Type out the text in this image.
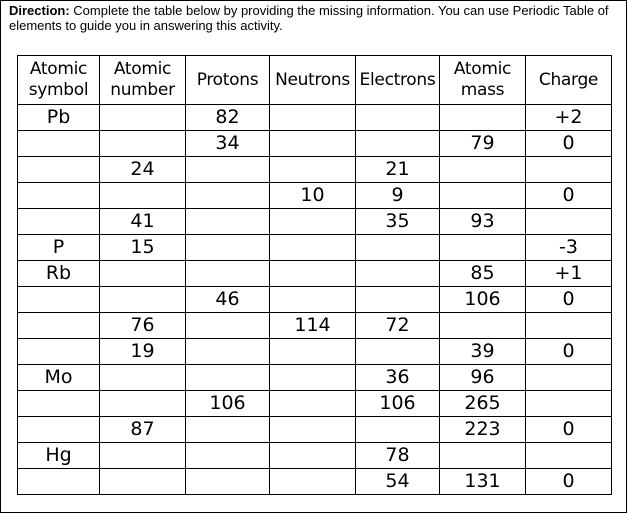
Direction: Complete the table below by providing the missing information. You can use Periodic Table of elements to guide you in answering this activity.
Atomic
symbol	Atomic
number	Protons	Neutrons	Electrons	Atomic
mass	Charge
Pb		82				+2
		34			79	0
	24			21		
			10	9		0
	41			35	93	
P	15					-3
Rb					85	+1
		46			106	0
	76		114	72		
	19				39	0
Mo				36	96	
		106		106	265	
	87				223	0
Hg				78		
				54	131	0
